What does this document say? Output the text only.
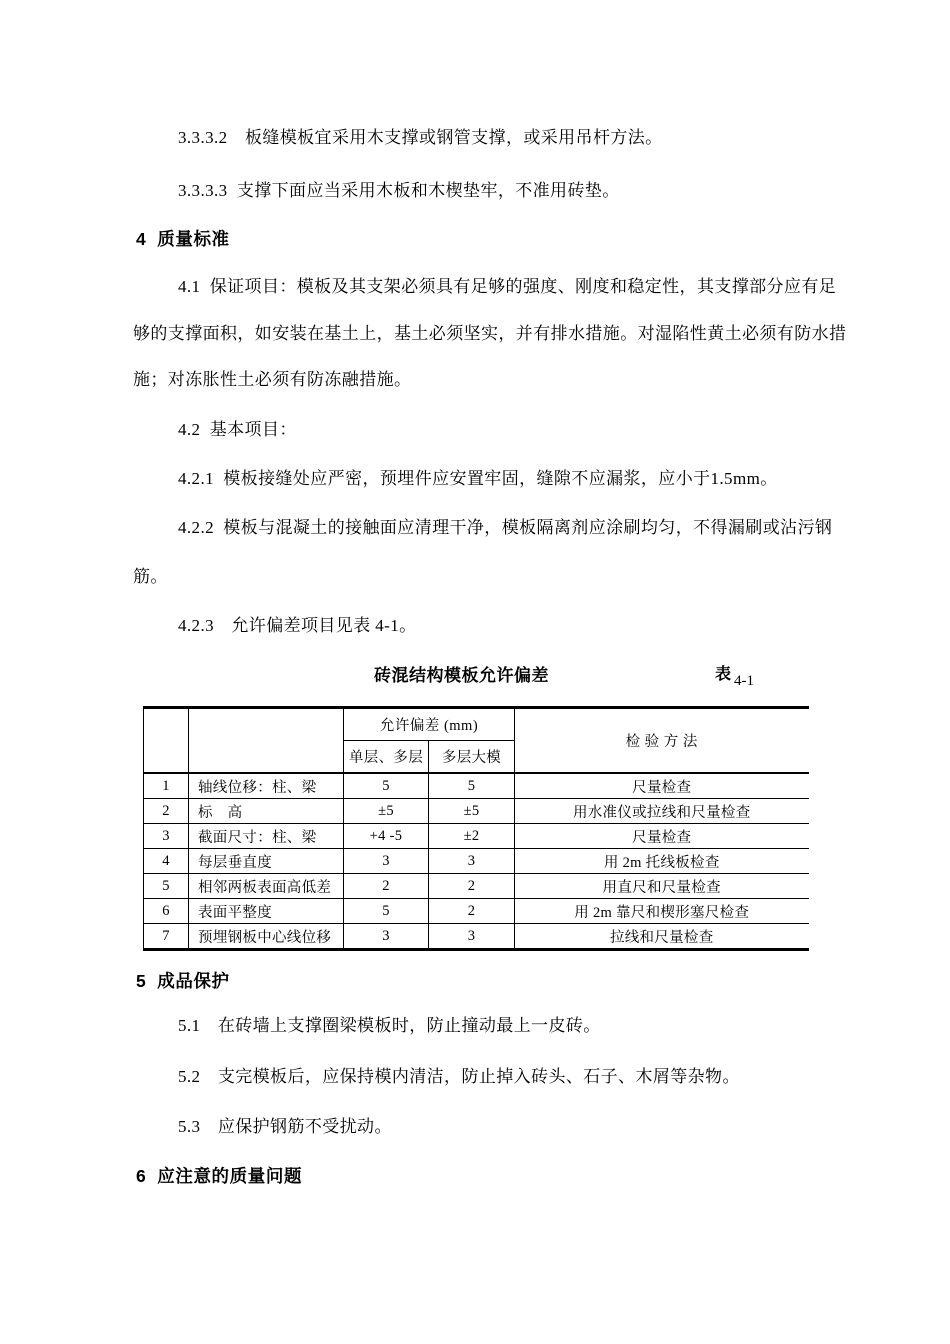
3.3.3.2　板缝模板宜采用木支撑或钢管支撑，或采用吊杆方法。
3.3.3.3  支撑下面应当采用木板和木楔垫牢，不准用砖垫。
4  质量标准
4.1  保证项目：模板及其支架必须具有足够的强度、刚度和稳定性，其支撑部分应有足
够的支撑面积，如安装在基土上，基土必须坚实，并有排水措施。对湿陷性黄土必须有防水措
施；对冻胀性土必须有防冻融措施。
4.2  基本项目：
4.2.1  模板接缝处应严密，预埋件应安置牢固，缝隙不应漏浆，应小于1.5mm。
4.2.2  模板与混凝土的接触面应清理干净，模板隔离剂应涂刷均匀，不得漏刷或沾污钢
筋。
4.2.3　允许偏差项目见表 4-1。
砖混结构模板允许偏差	表 4-1
		允许偏差 (mm)		检 验 方 法
		单层、多层	多层大模	
1	轴线位移：柱、梁	5	5	尺量检查
2	标　高	±5	±5	用水准仪或拉线和尺量检查
3	截面尺寸：柱、梁	+4 -5	±2	尺量检查
4	每层垂直度	3	3	用 2m 托线板检查
5	相邻两板表面高低差	2	2	用直尺和尺量检查
6	表面平整度	5	2	用 2m 靠尺和楔形塞尺检查
7	预埋钢板中心线位移	3	3	拉线和尺量检查
5  成品保护
5.1　在砖墙上支撑圈梁模板时，防止撞动最上一皮砖。
5.2　支完模板后，应保持模内清洁，防止掉入砖头、石子、木屑等杂物。
5.3　应保护钢筋不受扰动。
6  应注意的质量问题
